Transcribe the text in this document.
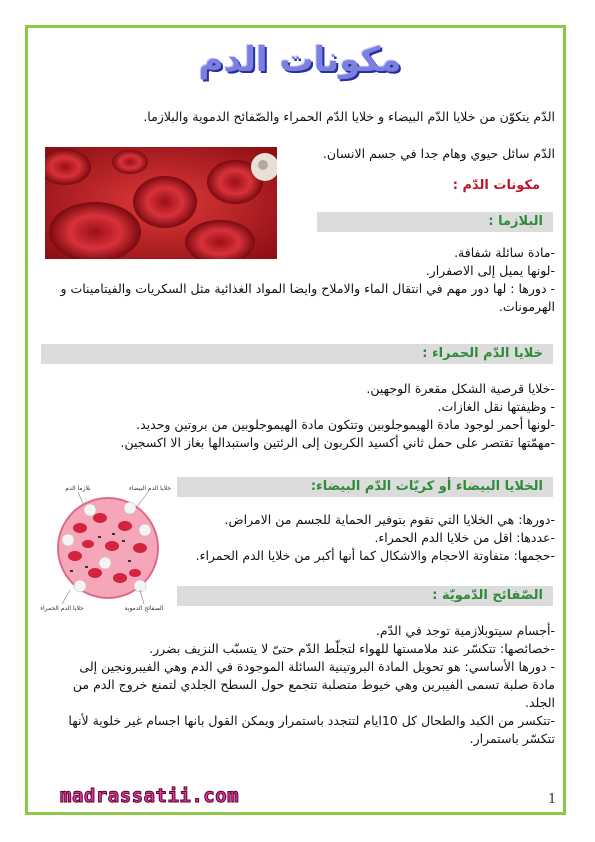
مكونات الدم
الدّم يتكوّن من خلايا الدّم البيضاء و خلايا الدّم الحمراء والصّفائح الدموية والبلازما.
الدّم سائل حيوي وهام جدا في جسم الانسان.
مكونات الدّم :
البلازما :
-مادة سائلة شفافة.
-لونها يميل إلى الاصفرار.
- دورها : لها دور مهم في انتقال الماء والاملاح وايضا المواد الغذائية مثل السكريات والفيتامينات و الهرمونات.
خلايا الدّم الحمراء :
-خلايا قرصية الشكل مقعرة الوجهين.
- وظيفتها نقل الغازات.
-لونها أحمر لوجود مادة الهيموجلوبين وتتكون مادة الهيموجلوبين من بروتين وحديد.
-مهمّتها تقتصر على حمل ثاني أكسيد الكربون إلى الرئتين واستبدالها بغاز الا اكسجين.
الخلايا البيضاء أو كريّات الدّم البيضاء:
-دورها: هي الخلايا التي تقوم بتوفير الحماية للجسم من الامراض.
-عددها: اقل من خلايا الدم الحمراء.
-حجمها: متفاوتة الاحجام والاشكال كما أنها أكبر من خلايا الدم الحمراء.
بلازما الدم	خلايا الدم البيضاء
خلايا الدم الحمراء	الصفائح الدموية
الصّفائح الدّمويّة :
-أجسام سيتوبلازمية توجد في الدّم.
-خصائصها: تتكسّر عند ملامستها للهواء لتجلّط الدّم حتىّ لا يتسبّب النزيف بضرر.
- دورها الأساسي: هو تحويل المادة البروتينية السائلة الموجودة في الدم وهي الفيبرونجين إلى مادة صلبة تسمى الفيبرين وهي خيوط متصلبة تتجمع حول السطح الجلدي لتمنع خروج الدم من الجلد.
-تتكسر من الكبد والطحال كل 10ايام لتتجدد باستمرار ويمكن القول بانها اجسام غير خلوية لأنها تتكسّر باستمرار.
madrassatii.com	1
